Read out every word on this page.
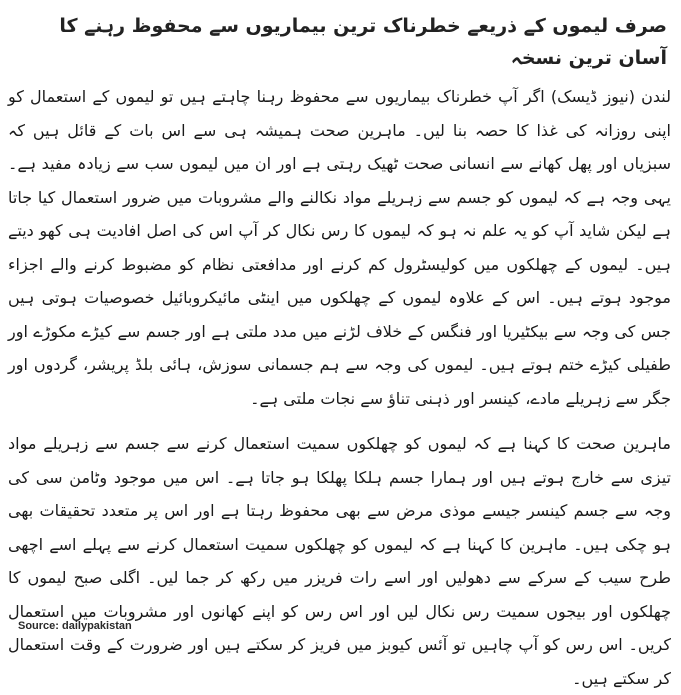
صرف لیموں کے ذریعے خطرناک ترین بیماریوں سے محفوظ رہنے کا آسان ترین نسخہ

لندن (نیوز ڈیسک) اگر آپ خطرناک بیماریوں سے محفوظ رہنا چاہتے ہیں تو لیموں کے استعمال کو اپنی روزانہ کی غذا کا حصہ بنا لیں۔ ماہرین صحت ہمیشہ ہی سے اس بات کے قائل ہیں کہ سبزیاں اور پھل کھانے سے انسانی صحت ٹھیک رہتی ہے اور ان میں لیموں سب سے زیادہ مفید ہے۔ یہی وجہ ہے کہ لیموں کو جسم سے زہریلے مواد نکالنے والے مشروبات میں ضرور استعمال کیا جاتا ہے لیکن شاید آپ کو یہ علم نہ ہو کہ لیموں کا رس نکال کر آپ اس کی اصل افادیت ہی کھو دیتے ہیں۔ لیموں کے چھلکوں میں کولیسٹرول کم کرنے اور مدافعتی نظام کو مضبوط کرنے والے اجزاء موجود ہوتے ہیں۔ اس کے علاوہ لیموں کے چھلکوں میں اینٹی مائیکروبائیل خصوصیات ہوتی ہیں جس کی وجہ سے بیکٹیریا اور فنگس کے خلاف لڑنے میں مدد ملتی ہے اور جسم سے کیڑے مکوڑے اور طفیلی کیڑے ختم ہوتے ہیں۔ لیموں کی وجہ سے ہم جسمانی سوزش، ہائی بلڈ پریشر، گردوں اور جگر سے زہریلے مادے، کینسر اور ذہنی تناؤ سے نجات ملتی ہے۔

ماہرین صحت کا کہنا ہے کہ لیموں کو چھلکوں سمیت استعمال کرنے سے جسم سے زہریلے مواد تیزی سے خارج ہوتے ہیں اور ہمارا جسم ہلکا پھلکا ہو جاتا ہے۔ اس میں موجود وٹامن سی کی وجہ سے جسم کینسر جیسے موذی مرض سے بھی محفوظ رہتا ہے اور اس پر متعدد تحقیقات بھی ہو چکی ہیں۔ ماہرین کا کہنا ہے کہ لیموں کو چھلکوں سمیت استعمال کرنے سے پہلے اسے اچھی طرح سیب کے سرکے سے دھولیں اور اسے رات فریزر میں رکھ کر جما لیں۔ اگلی صبح لیموں کا چھلکوں اور بیجوں سمیت رس نکال لیں اور اس رس کو اپنے کھانوں اور مشروبات میں استعمال کریں۔ اس رس کو آپ چاہیں تو آئس کیوبز میں فریز کر سکتے ہیں اور ضرورت کے وقت استعمال کر سکتے ہیں۔

Source: dailypakistan
